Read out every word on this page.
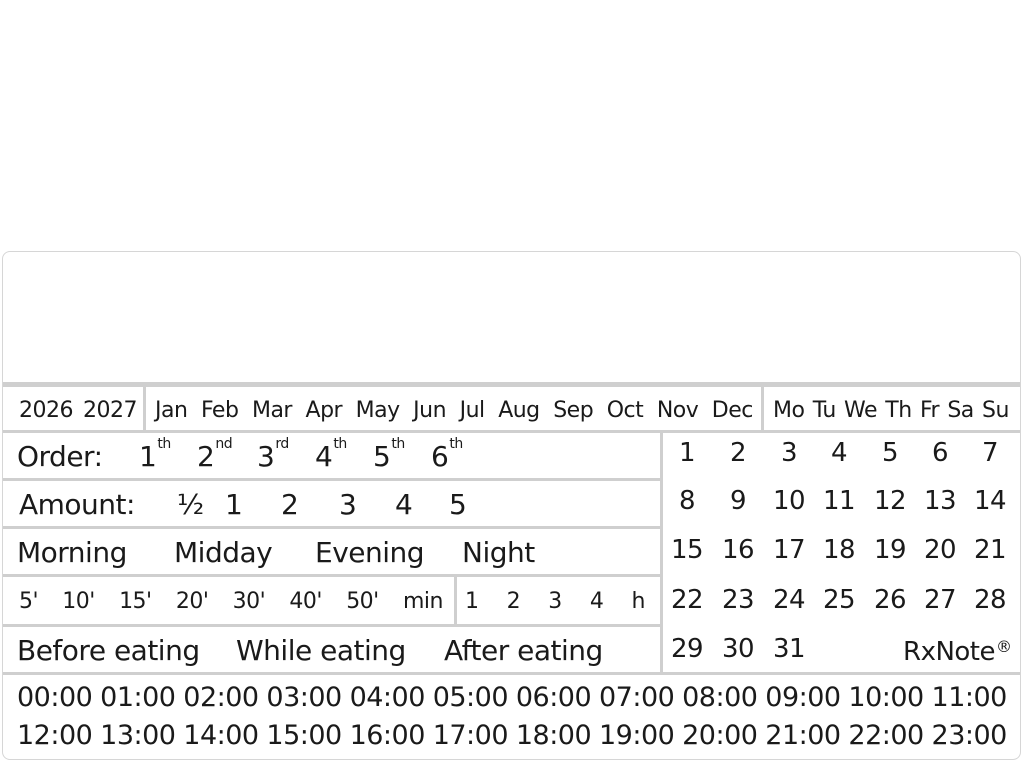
2026 2027 Jan Feb Mar Apr May Jun Jul Aug Sep Oct Nov Dec Mo Tu We Th Fr Sa Su
Order:	1th 2nd 3rd 4th 5th 6th
Amount:	½ 1	2	3	4	5
Morning	Midday	Evening	Night
5' 10' 15' 20' 30' 40' 50' min 1 2 3 4 h
Before eating	While eating	After eating
1	2	3	4	5	6	7
8	9	10 11 12 13 14
15 16 17 18 19 20 21
22 23 24 25 26 27 28
29 30 31	RxNote®
00:00 01:00 02:00 03:00 04:00 05:00 06:00 07:00 08:00 09:00 10:00 11:00
12:00 13:00 14:00 15:00 16:00 17:00 18:00 19:00 20:00 21:00 22:00 23:00
